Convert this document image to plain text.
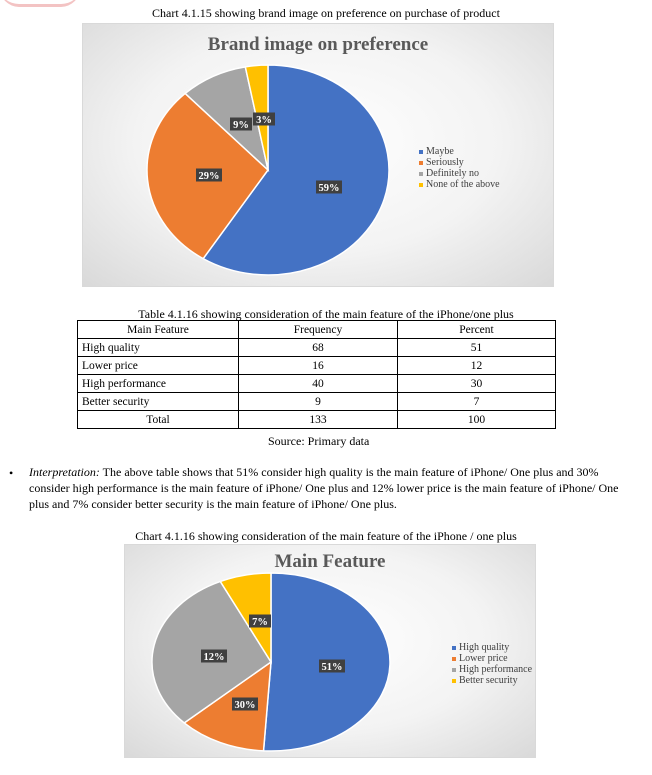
Chart 4.1.15 showing brand image on preference on purchase of product
Brand image on preference
59%
29%
9% 3%
Maybe
Seriously
Definitely no
None of the above
Table 4.1.16 showing consideration of the main feature of the iPhone/one plus
Main Feature	Frequency	Percent
High quality	68	51
Lower price	16	12
High performance	40	30
Better security	9	7
Total	133	100
Source: Primary data
• Interpretation: The above table shows that 51% consider high quality is the main feature of iPhone/ One plus and 30% consider high performance is the main feature of iPhone/ One plus and 12% lower price is the main feature of iPhone/ One plus and 7% consider better security is the main feature of iPhone/ One plus.
Chart 4.1.16 showing consideration of the main feature of the iPhone / one plus
Main Feature
51%
12%
30%
7%
High quality
Lower price
High performance
Better security
